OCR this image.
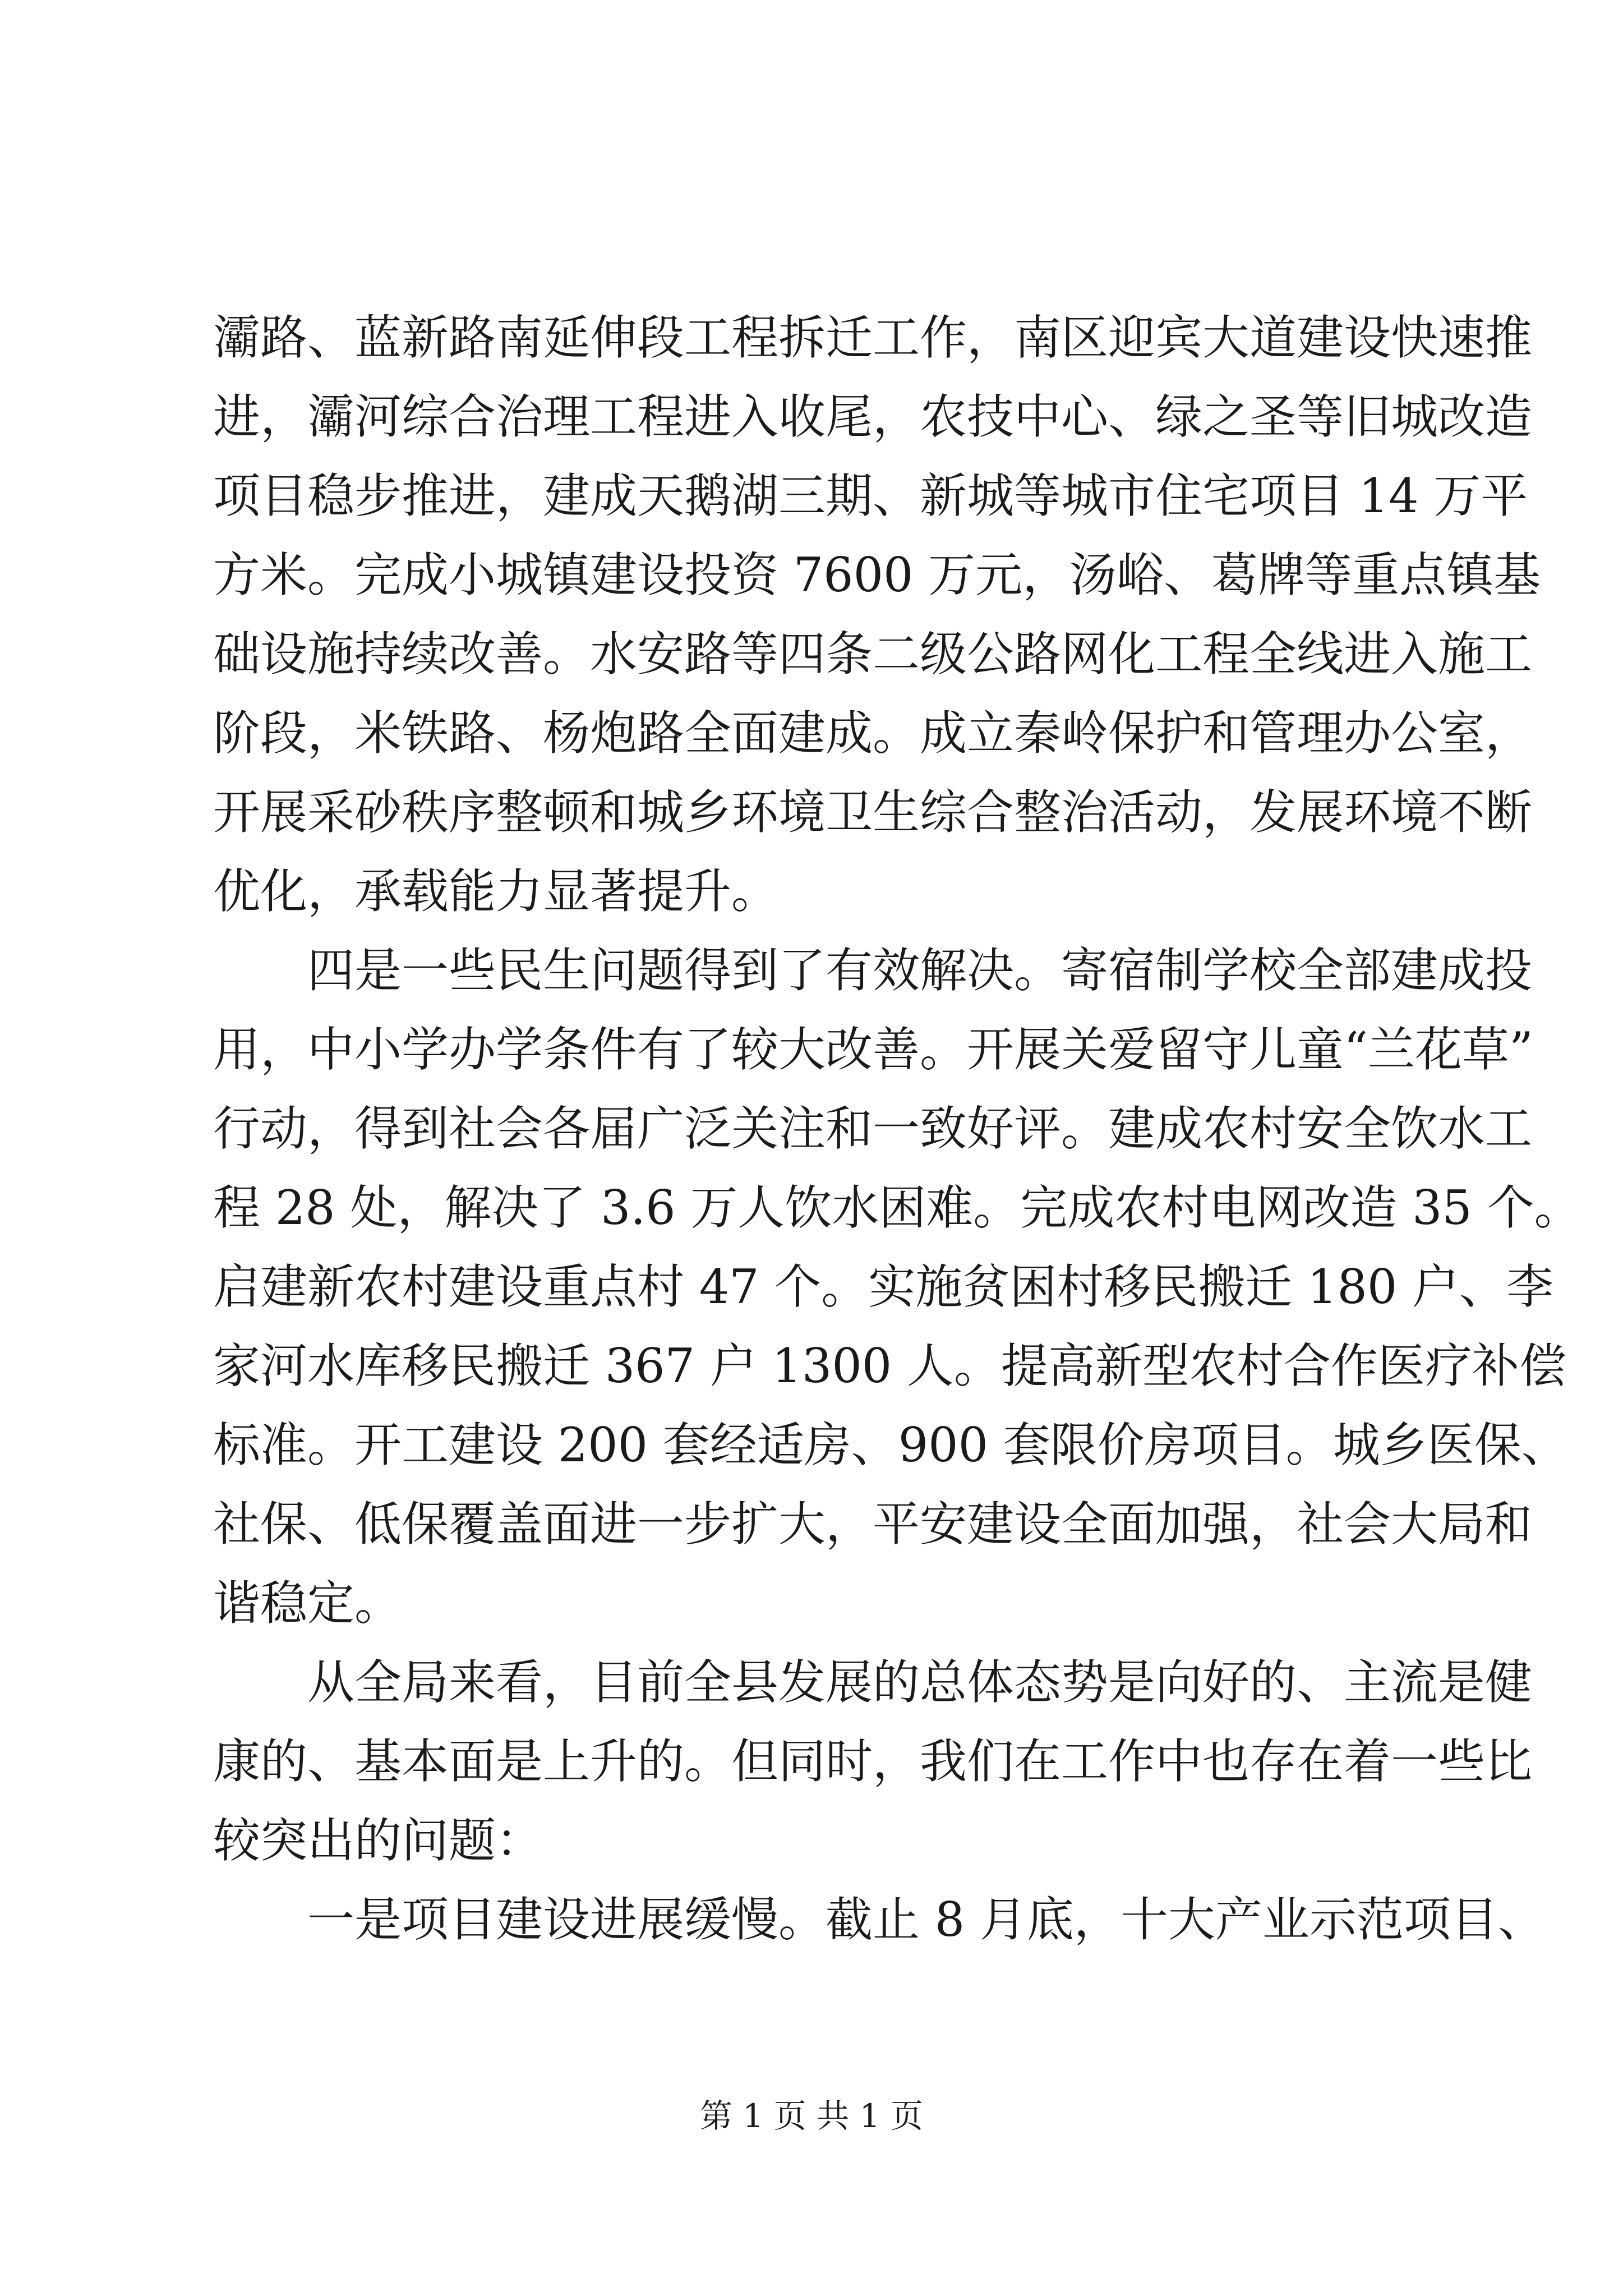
灞路、蓝新路南延伸段工程拆迁工作，南区迎宾大道建设快速推
进，灞河综合治理工程进入收尾，农技中心、绿之圣等旧城改造
项目稳步推进，建成天鹅湖三期、新城等城市住宅项目 14 万平
方米。完成小城镇建设投资 7600 万元，汤峪、葛牌等重点镇基
础设施持续改善。水安路等四条二级公路网化工程全线进入施工
阶段，米铁路、杨炮路全面建成。成立秦岭保护和管理办公室，
开展采砂秩序整顿和城乡环境卫生综合整治活动，发展环境不断
优化，承载能力显著提升。
四是一些民生问题得到了有效解决。寄宿制学校全部建成投
用，中小学办学条件有了较大改善。开展关爱留守儿童“兰花草”
行动，得到社会各届广泛关注和一致好评。建成农村安全饮水工
程 28 处，解决了 3.6 万人饮水困难。完成农村电网改造 35 个。
启建新农村建设重点村 47 个。实施贫困村移民搬迁 180 户、李
家河水库移民搬迁 367 户 1300 人。提高新型农村合作医疗补偿
标准。开工建设 200 套经适房、900 套限价房项目。城乡医保、
社保、低保覆盖面进一步扩大，平安建设全面加强，社会大局和
谐稳定。
从全局来看，目前全县发展的总体态势是向好的、主流是健
康的、基本面是上升的。但同时，我们在工作中也存在着一些比
较突出的问题：
一是项目建设进展缓慢。截止 8 月底，十大产业示范项目、
第 1 页 共 1 页
